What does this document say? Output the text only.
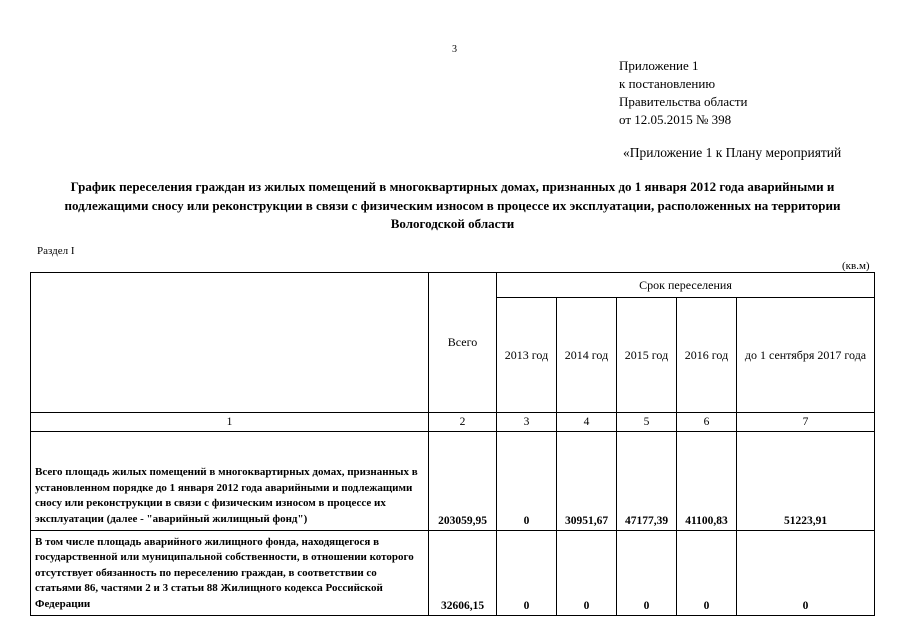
3
Приложение 1
к постановлению
Правительства области
от 12.05.2015 № 398
«Приложение 1 к Плану мероприятий
График переселения граждан из жилых помещений в многоквартирных домах, признанных до 1 января 2012 года аварийными и подлежащими сносу или реконструкции в связи с физическим износом в процессе их эксплуатации, расположенных на территории Вологодской области
Раздел I
(кв.м)
	Всего	Срок переселения				
		2013 год	2014 год	2015 год	2016 год	до 1 сентября 2017 года
1	2	3	4	5	6	7
Всего площадь жилых помещений в многоквартирных домах, признанных в установленном порядке до 1 января 2012 года аварийными и подлежащими сносу или реконструкции в связи с физическим износом в процессе их эксплуатации (далее - "аварийный жилищный фонд")	203059,95	0	30951,67	47177,39	41100,83	51223,91
В том числе площадь аварийного жилищного фонда, находящегося в государственной или муниципальной собственности, в отношении которого отсутствует обязанность по переселению граждан, в соответствии со статьями 86, частями 2 и 3 статьи 88 Жилищного кодекса Российской Федерации	32606,15	0	0	0	0	0
